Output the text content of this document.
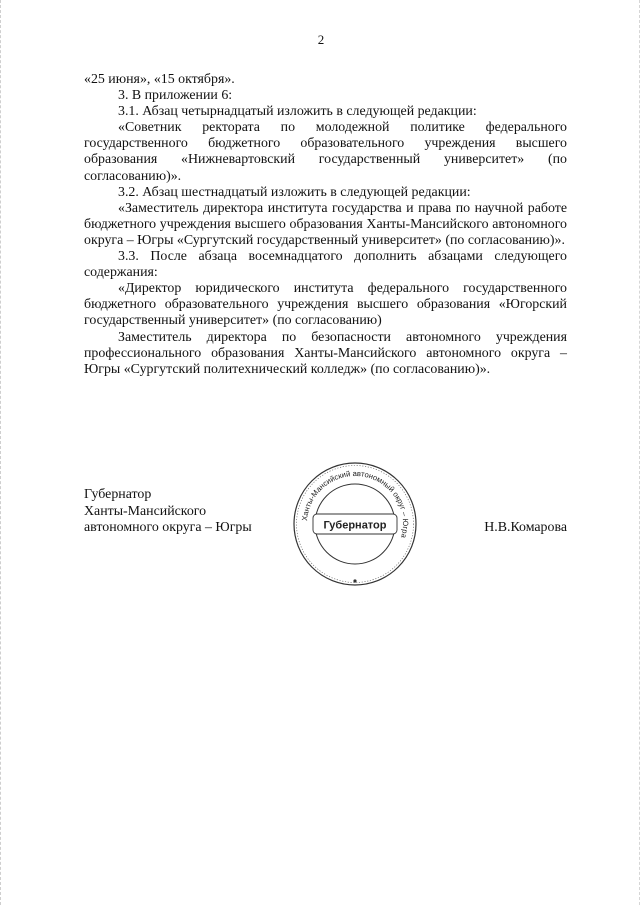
2

«25 июня», «15 октября».

3. В приложении 6:

3.1. Абзац четырнадцатый изложить в следующей редакции:

«Советник ректората по молодежной политике федерального государственного бюджетного образовательного учреждения высшего образования «Нижневартовский государственный университет» (по согласованию)».

3.2. Абзац шестнадцатый изложить в следующей редакции:

«Заместитель директора института государства и права по научной работе бюджетного учреждения высшего образования Ханты-Мансийского автономного округа – Югры «Сургутский государственный университет» (по согласованию)».

3.3. После абзаца восемнадцатого дополнить абзацами следующего содержания:

«Директор юридического института федерального государственного бюджетного образовательного учреждения высшего образования «Югорский государственный университет» (по согласованию)

Заместитель директора по безопасности автономного учреждения профессионального образования Ханты-Мансийского автономного округа – Югры «Сургутский политехнический колледж» (по согласованию)».

Губернатор
Ханты-Мансийского
автономного округа – Югры
Ханты-Мансийский автономный округ – Югра
Губернатор	Н.В.Комарова
